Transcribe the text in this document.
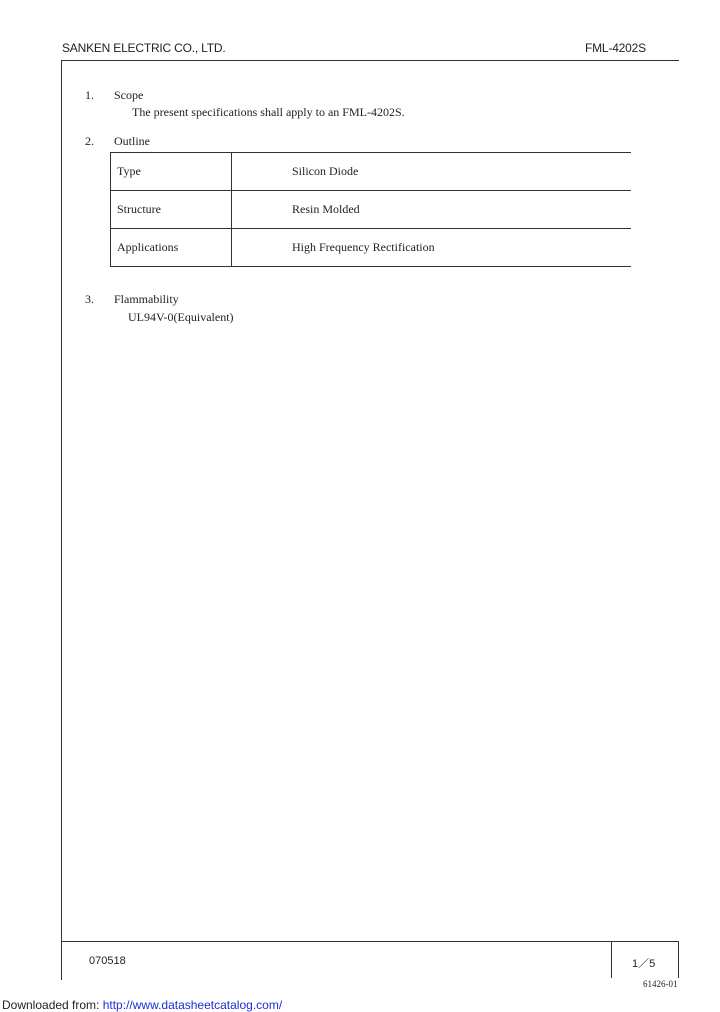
SANKEN ELECTRIC CO., LTD.	FML-4202S
1. Scope
The present specifications shall apply to an FML-4202S.
2. Outline
Type	Silicon Diode
Structure	Resin Molded
Applications	High Frequency Rectification
3. Flammability
UL94V-0(Equivalent)
070518	1／5
61426-01
Downloaded from: http://www.datasheetcatalog.com/
